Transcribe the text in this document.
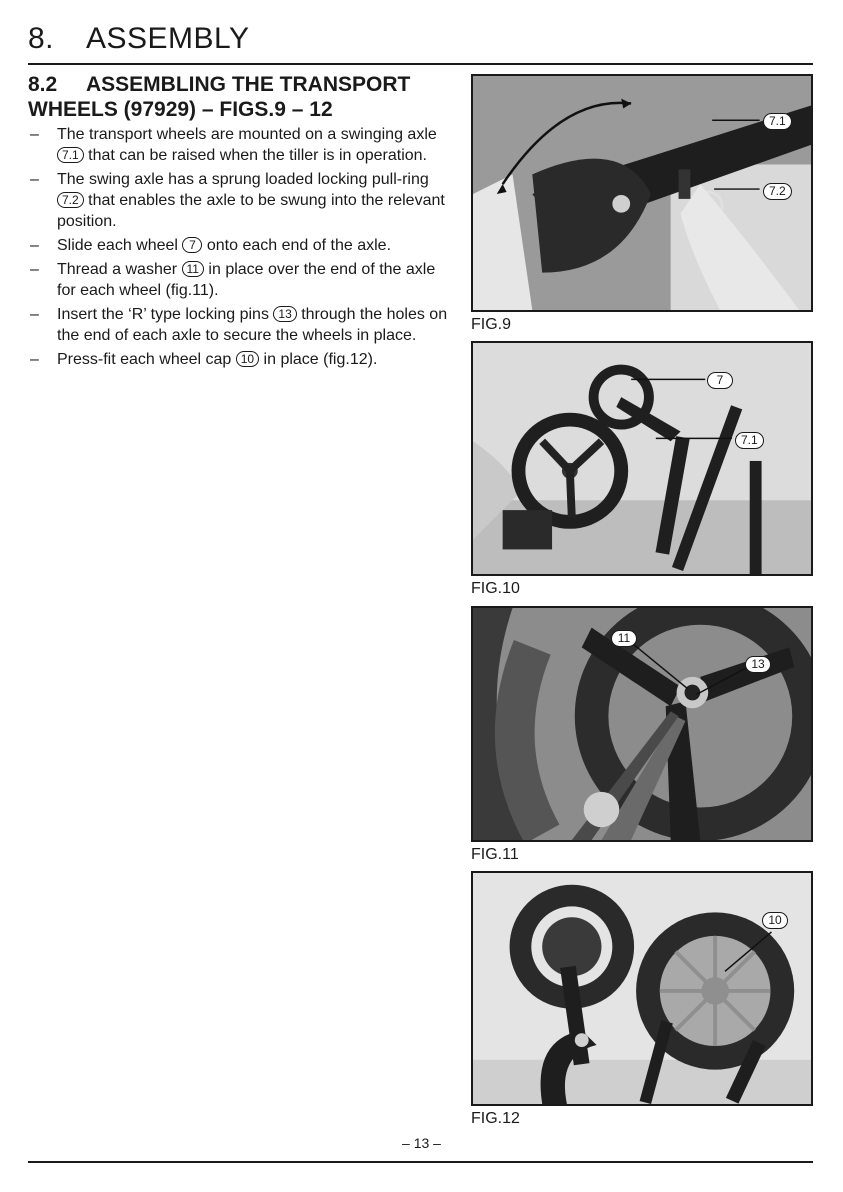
8. ASSEMBLY
8.2 ASSEMBLING THE TRANSPORT
WHEELS (97929) – FIGS.9 – 12
– The transport wheels are mounted on a swinging axle 7.1 that can be raised when the tiller is in operation.
– The swing axle has a sprung loaded locking pull-ring 7.2 that enables the axle to be swung into the relevant position.
– Slide each wheel 7 onto each end of the axle.
– Thread a washer 11 in place over the end of the axle for each wheel (fig.11).
– Insert the ‘R’ type locking pins 13 through the holes on the end of each axle to secure the wheels in place.
– Press-fit each wheel cap 10 in place (fig.12).
7.1
7.2
FIG.9
7
7.1
FIG.10
11
13
FIG.11
10
FIG.12
– 13 –
